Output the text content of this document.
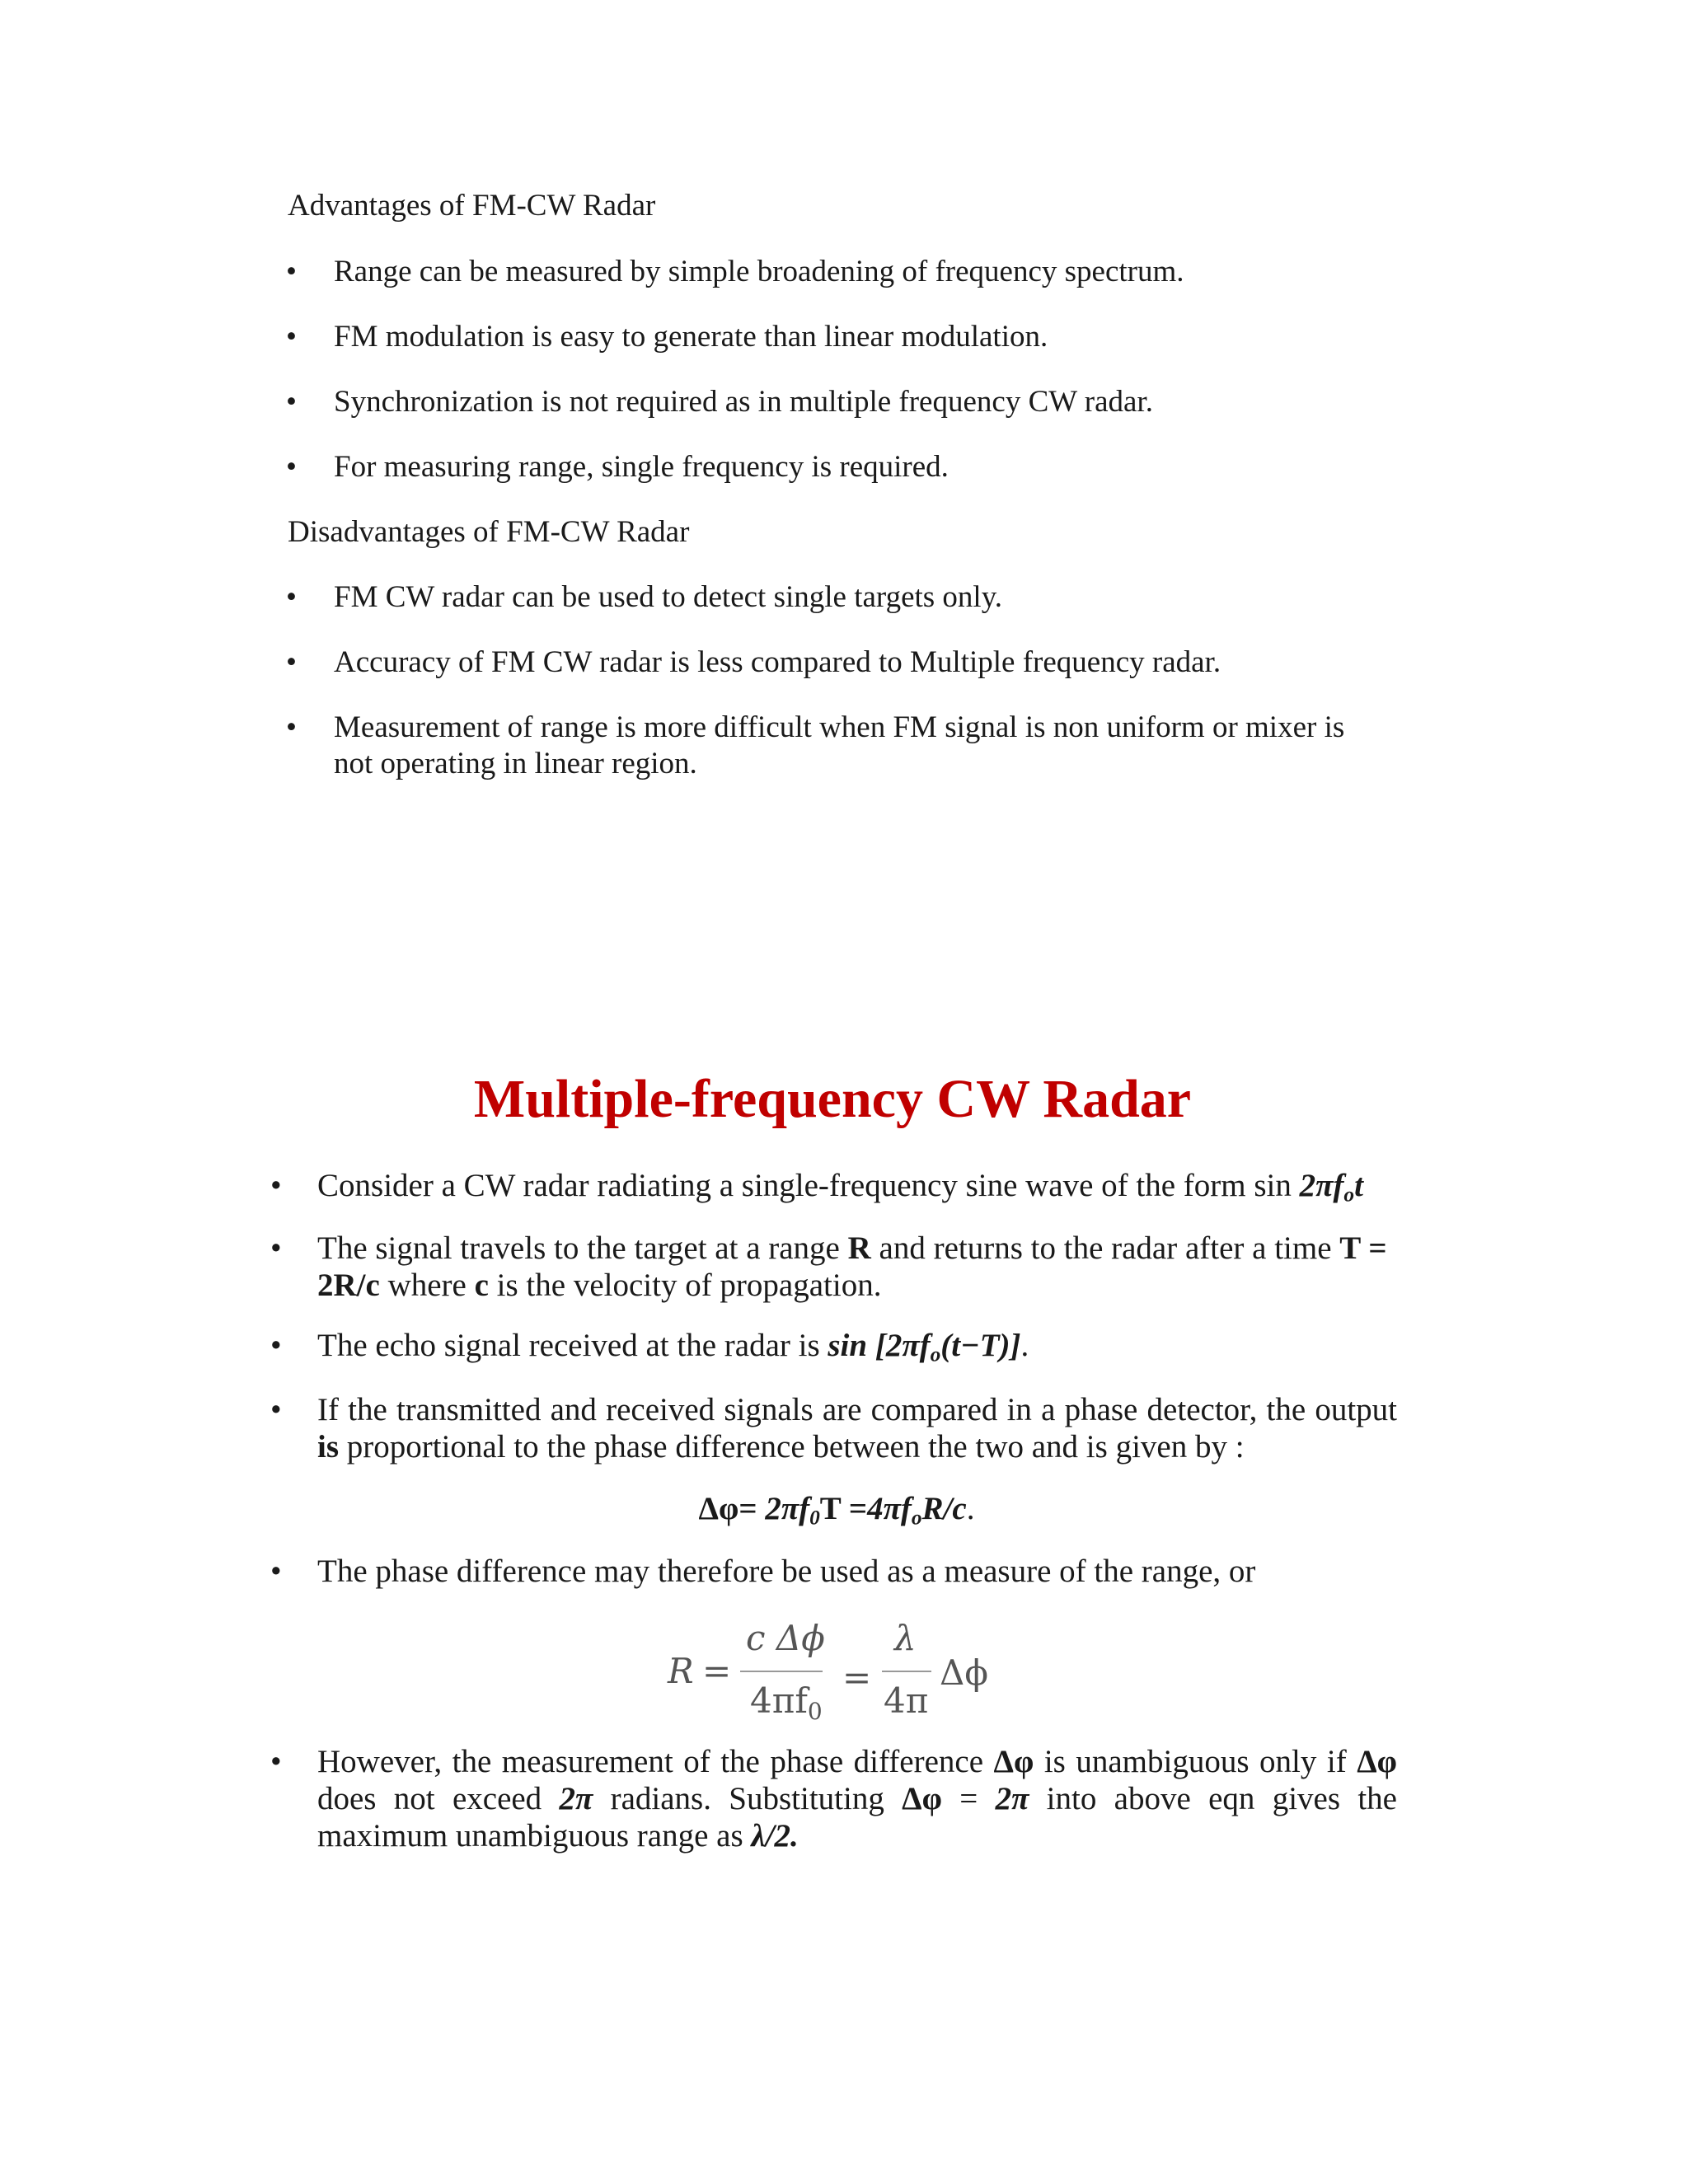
Advantages of FM-CW Radar
• Range can be measured by simple broadening of frequency spectrum.
• FM modulation is easy to generate than linear modulation.
• Synchronization is not required as in multiple frequency CW radar.
• For measuring range, single frequency is required.
Disadvantages of FM-CW Radar
• FM CW radar can be used to detect single targets only.
• Accuracy of FM CW radar is less compared to Multiple frequency radar.
• Measurement of range is more difficult when FM signal is non uniform or mixer is not operating in linear region.
Multiple-frequency CW Radar
• Consider a CW radar radiating a single-frequency sine wave of the form $\sin 2\pi f_ot$
• The signal travels to the target at a range R and returns to the radar after a time T =
2R/c where c is the velocity of propagation.
• The echo signal received at the radar is $\sin [2\pi f_o(t-T)]$.
• If the transmitted and received signals are compared in a phase detector, the output
is proportional to the phase difference between the two and is given by :
$\Delta\varphi= 2\pi f_0T =4\pi f_oR/c$.
• The phase difference may therefore be used as a measure of the range, or
R =
c Δϕ
4πf0
=
λ
4π
Δϕ
• However, the measurement of the phase difference Δφ is unambiguous only if Δφ
does not exceed 2π radians. Substituting Δφ = 2π into above eqn gives the
maximum unambiguous range as λ/2.
